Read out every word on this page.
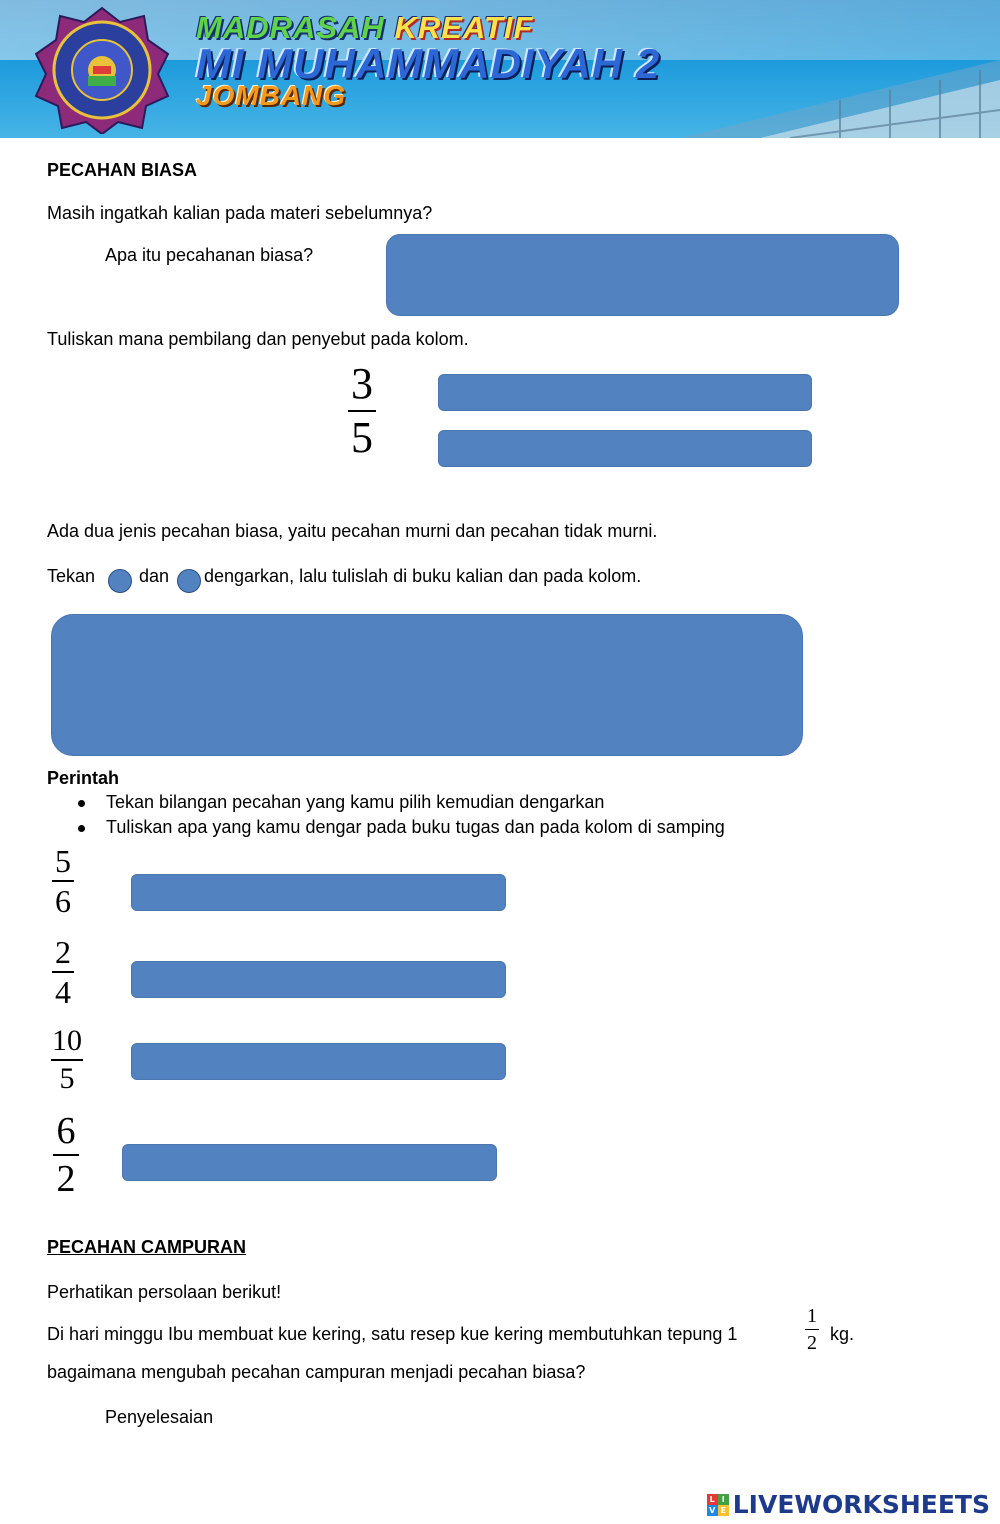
MADRASAH KREATIF
MI MUHAMMADIYAH 2
JOMBANG
PECAHAN BIASA
Masih ingatkah kalian pada materi sebelumnya?
Apa itu pecahanan biasa?
Tuliskan mana pembilang dan penyebut pada kolom.
3
5
Ada dua jenis pecahan biasa, yaitu pecahan murni dan pecahan tidak murni.
Tekan dan dengarkan, lalu tulislah di buku kalian dan pada kolom.
Perintah
Tekan bilangan pecahan yang kamu pilih kemudian dengarkan
Tuliskan apa yang kamu dengar pada buku tugas dan pada kolom di samping
5
6
2
4
10
5
6
2
PECAHAN CAMPURAN
Perhatikan persolaan berikut!
Di hari minggu Ibu membuat kue kering, satu resep kue kering membutuhkan tepung 1
1
2 kg.
bagaimana mengubah pecahan campuran menjadi pecahan biasa?
Penyelesaian
L I
V E LIVEWORKSHEETS
